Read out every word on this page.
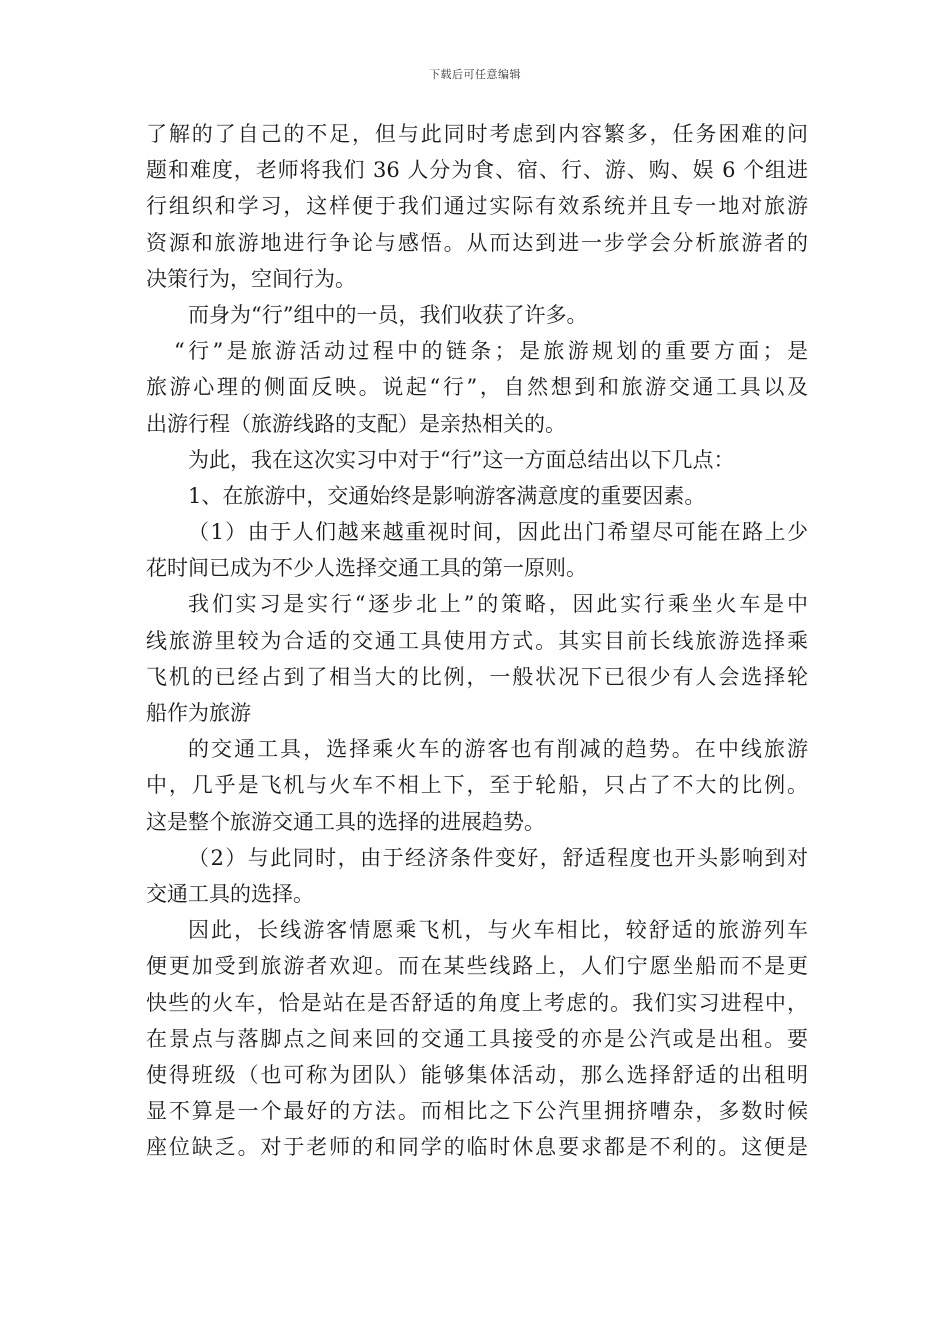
下载后可任意编辑
了解的了自己的不足，但与此同时考虑到内容繁多，任务困难的问
题和难度，老师将我们 36 人分为食、宿、行、游、购、娱 6 个组进
行组织和学习，这样便于我们通过实际有效系统并且专一地对旅游
资源和旅游地进行争论与感悟。从而达到进一步学会分析旅游者的
决策行为，空间行为。
而身为“行”组中的一员，我们收获了许多。
“行”是旅游活动过程中的链条；是旅游规划的重要方面；是
旅游心理的侧面反映。说起“行”，自然想到和旅游交通工具以及
出游行程（旅游线路的支配）是亲热相关的。
为此，我在这次实习中对于“行”这一方面总结出以下几点：
1、在旅游中，交通始终是影响游客满意度的重要因素。
（1）由于人们越来越重视时间，因此出门希望尽可能在路上少
花时间已成为不少人选择交通工具的第一原则。
我们实习是实行“逐步北上”的策略，因此实行乘坐火车是中
线旅游里较为合适的交通工具使用方式。其实目前长线旅游选择乘
飞机的已经占到了相当大的比例，一般状况下已很少有人会选择轮
船作为旅游
的交通工具，选择乘火车的游客也有削减的趋势。在中线旅游
中，几乎是飞机与火车不相上下，至于轮船，只占了不大的比例。
这是整个旅游交通工具的选择的进展趋势。
（2）与此同时，由于经济条件变好，舒适程度也开头影响到对
交通工具的选择。
因此，长线游客情愿乘飞机，与火车相比，较舒适的旅游列车
便更加受到旅游者欢迎。而在某些线路上，人们宁愿坐船而不是更
快些的火车，恰是站在是否舒适的角度上考虑的。我们实习进程中，
在景点与落脚点之间来回的交通工具接受的亦是公汽或是出租。要
使得班级（也可称为团队）能够集体活动，那么选择舒适的出租明
显不算是一个最好的方法。而相比之下公汽里拥挤嘈杂，多数时候
座位缺乏。对于老师的和同学的临时休息要求都是不利的。这便是
